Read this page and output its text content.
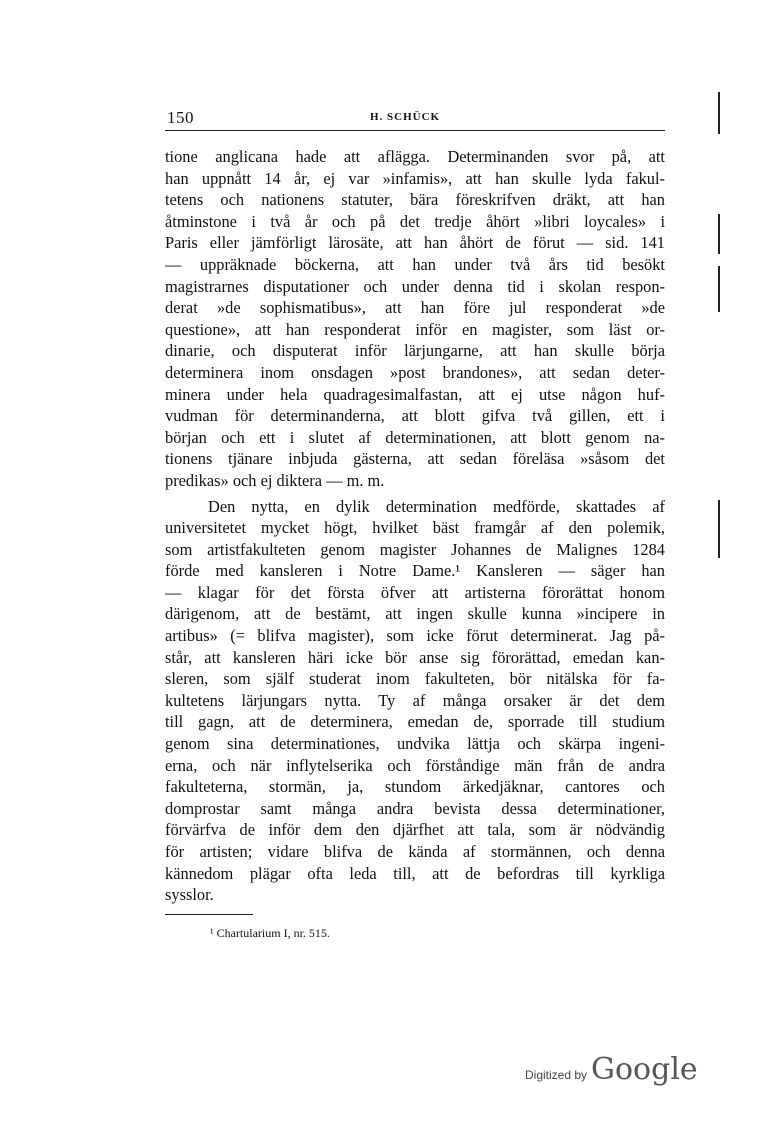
150	H. SCHÜCK
tione anglicana hade att aflägga. Determinanden svor på, att
han uppnått 14 år, ej var »infamis», att han skulle lyda fakul-
tetens och nationens statuter, bära föreskrifven dräkt, att han
åtminstone i två år och på det tredje åhört »libri loycales» i
Paris eller jämförligt lärosäte, att han åhört de förut — sid. 141
— uppräknade böckerna, att han under två års tid besökt
magistrarnes disputationer och under denna tid i skolan respon-
derat »de sophismatibus», att han före jul responderat »de
questione», att han responderat inför en magister, som läst or-
dinarie, och disputerat inför lärjungarne, att han skulle börja
determinera inom onsdagen »post brandones», att sedan deter-
minera under hela quadragesimalfastan, att ej utse någon huf-
vudman för determinanderna, att blott gifva två gillen, ett i
början och ett i slutet af determinationen, att blott genom na-
tionens tjänare inbjuda gästerna, att sedan föreläsa »såsom det
predikas» och ej diktera — m. m.
Den nytta, en dylik determination medförde, skattades af
universitetet mycket högt, hvilket bäst framgår af den polemik,
som artistfakulteten genom magister Johannes de Malignes 1284
förde med kansleren i Notre Dame.¹ Kansleren — säger han
— klagar för det första öfver att artisterna förorättat honom
därigenom, att de bestämt, att ingen skulle kunna »incipere in
artibus» (= blifva magister), som icke förut determinerat. Jag på-
står, att kansleren häri icke bör anse sig förorättad, emedan kan-
sleren, som själf studerat inom fakulteten, bör nitälska för fa-
kultetens lärjungars nytta. Ty af många orsaker är det dem
till gagn, att de determinera, emedan de, sporrade till studium
genom sina determinationes, undvika lättja och skärpa ingeni-
erna, och när inflytelserika och förståndige män från de andra
fakulteterna, stormän, ja, stundom ärkedjäknar, cantores och
domprostar samt många andra bevista dessa determinationer,
förvärfva de inför dem den djärfhet att tala, som är nödvändig
för artisten; vidare blifva de kända af stormännen, och denna
kännedom plägar ofta leda till, att de befordras till kyrkliga
sysslor.
¹ Chartularium I, nr. 515.
Digitized by Google
